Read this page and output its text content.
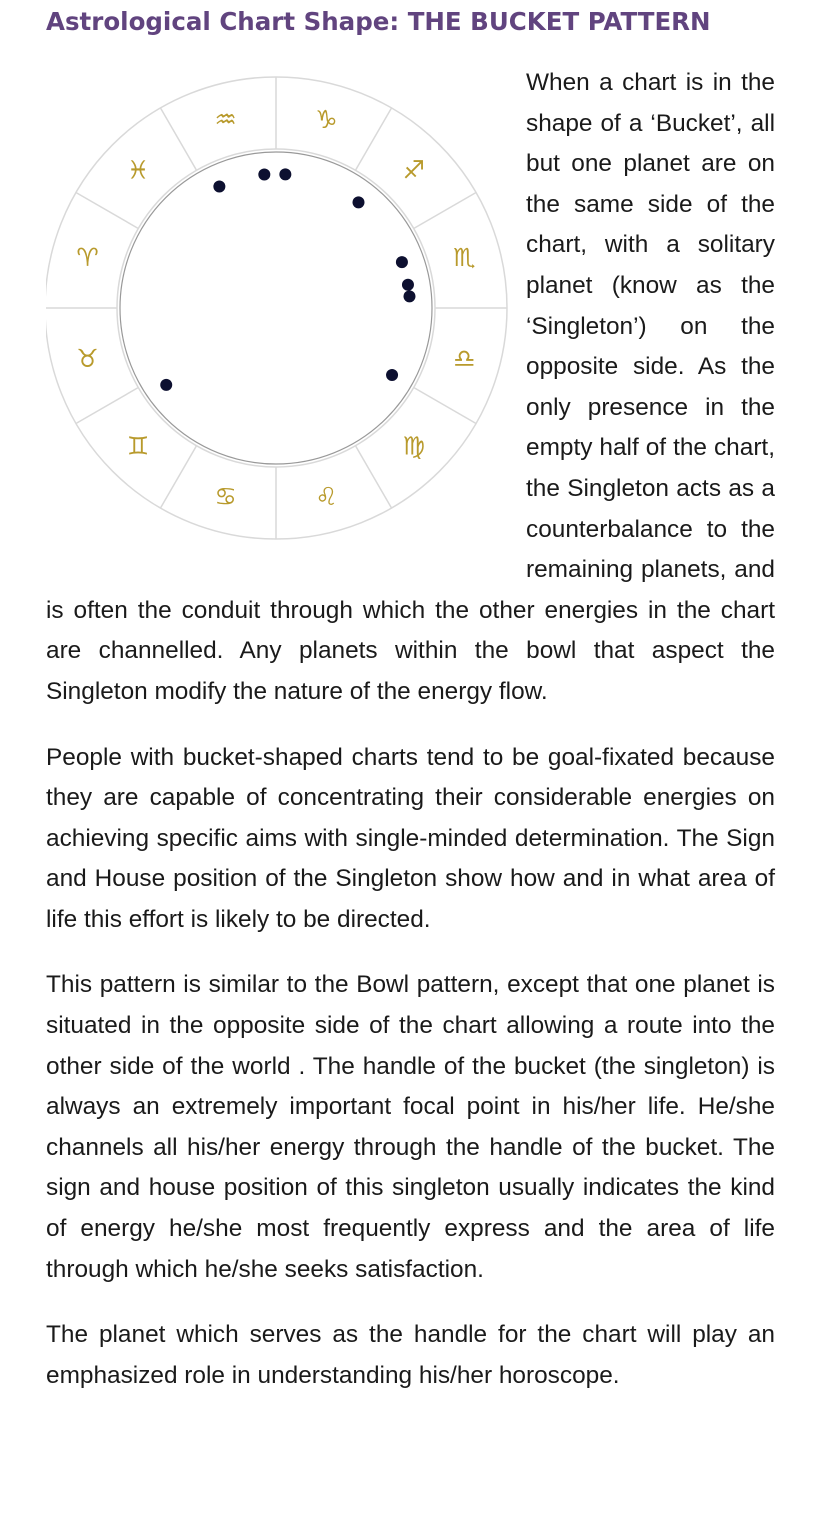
Astrological Chart Shape: THE BUCKET PATTERN
♒	♑
♐
♏
♎
♍
♌
♋
♊
♉
♈
♓

When a chart is in the shape of a ‘Bucket’, all but one planet are on the same side of the chart, with a solitary planet (know as the ‘Singleton’) on the opposite side. As the only presence in the empty half of the chart, the Singleton acts as a counterbalance to the remaining planets, and is often the conduit through which the other energies in the chart are channelled. Any planets within the bowl that aspect the Singleton modify the nature of the energy flow.

People with bucket-shaped charts tend to be goal-fixated because they are capable of concentrating their considerable energies on achieving specific aims with single-minded determination. The Sign and House position of the Singleton show how and in what area of life this effort is likely to be directed.

This pattern is similar to the Bowl pattern, except that one planet is situated in the opposite side of the chart allowing a route into the other side of the world . The handle of the bucket (the singleton) is always an extremely important focal point in his/her life. He/she channels all his/her energy through the handle of the bucket. The sign and house position of this singleton usually indicates the kind of energy he/she most frequently express and the area of life through which he/she seeks satisfaction.

The planet which serves as the handle for the chart will play an emphasized role in understanding his/her horoscope.
